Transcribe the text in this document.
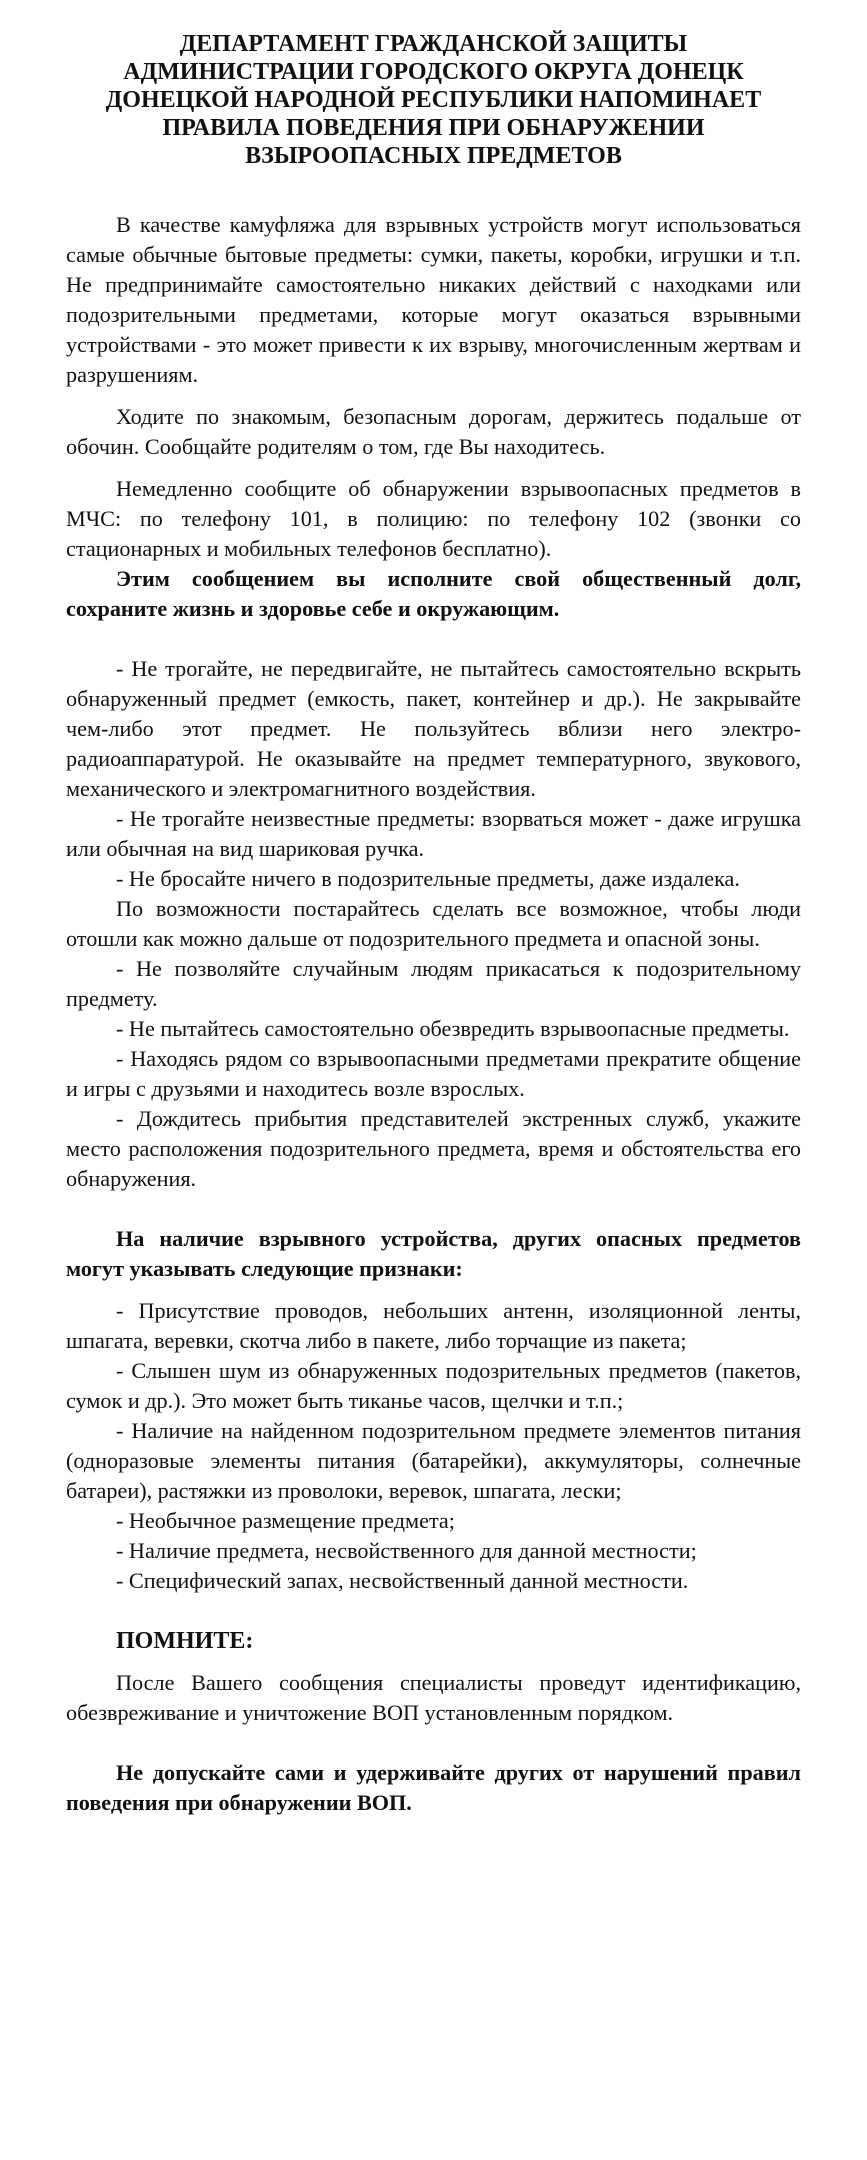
ДЕПАРТАМЕНТ ГРАЖДАНСКОЙ ЗАЩИТЫ
АДМИНИСТРАЦИИ ГОРОДСКОГО ОКРУГА ДОНЕЦК
ДОНЕЦКОЙ НАРОДНОЙ РЕСПУБЛИКИ НАПОМИНАЕТ
ПРАВИЛА ПОВЕДЕНИЯ ПРИ ОБНАРУЖЕНИИ
ВЗЫРООПАСНЫХ ПРЕДМЕТОВ

В качестве камуфляжа для взрывных устройств могут использоваться самые обычные бытовые предметы: сумки, пакеты, коробки, игрушки и т.п. Не предпринимайте самостоятельно никаких действий с находками или подозрительными предметами, которые могут оказаться взрывными устройствами - это может привести к их взрыву, многочисленным жертвам и разрушениям.

Ходите по знакомым, безопасным дорогам, держитесь подальше от обочин. Сообщайте родителям о том, где Вы находитесь.

Немедленно сообщите об обнаружении взрывоопасных предметов в МЧС: по телефону 101, в полицию: по телефону 102 (звонки со стационарных и мобильных телефонов бесплатно).

Этим сообщением вы исполните свой общественный долг, сохраните жизнь и здоровье себе и окружающим.

- Не трогайте, не передвигайте, не пытайтесь самостоятельно вскрыть обнаруженный предмет (емкость, пакет, контейнер и др.). Не закрывайте чем-либо этот предмет. Не пользуйтесь вблизи него электро-радиоаппаратурой. Не оказывайте на предмет температурного, звукового, механического и электромагнитного воздействия.

- Не трогайте неизвестные предметы: взорваться может - даже игрушка или обычная на вид шариковая ручка.

- Не бросайте ничего в подозрительные предметы, даже издалека.

По возможности постарайтесь сделать все возможное, чтобы люди отошли как можно дальше от подозрительного предмета и опасной зоны.

- Не позволяйте случайным людям прикасаться к подозрительному предмету.

- Не пытайтесь самостоятельно обезвредить взрывоопасные предметы.

- Находясь рядом со взрывоопасными предметами прекратите общение и игры с друзьями и находитесь возле взрослых.

- Дождитесь прибытия представителей экстренных служб, укажите место расположения подозрительного предмета, время и обстоятельства его обнаружения.

На наличие взрывного устройства, других опасных предметов могут указывать следующие признаки:

- Присутствие проводов, небольших антенн, изоляционной ленты, шпагата, веревки, скотча либо в пакете, либо торчащие из пакета;

- Слышен шум из обнаруженных подозрительных предметов (пакетов, сумок и др.). Это может быть тиканье часов, щелчки и т.п.;

- Наличие на найденном подозрительном предмете элементов питания (одноразовые элементы питания (батарейки), аккумуляторы, солнечные батареи), растяжки из проволоки, веревок, шпагата, лески;

- Необычное размещение предмета;

- Наличие предмета, несвойственного для данной местности;

- Специфический запах, несвойственный данной местности.

ПОМНИТЕ:

После Вашего сообщения специалисты проведут идентификацию, обезвреживание и уничтожение ВОП установленным порядком.

Не допускайте сами и удерживайте других от нарушений правил поведения при обнаружении ВОП.
